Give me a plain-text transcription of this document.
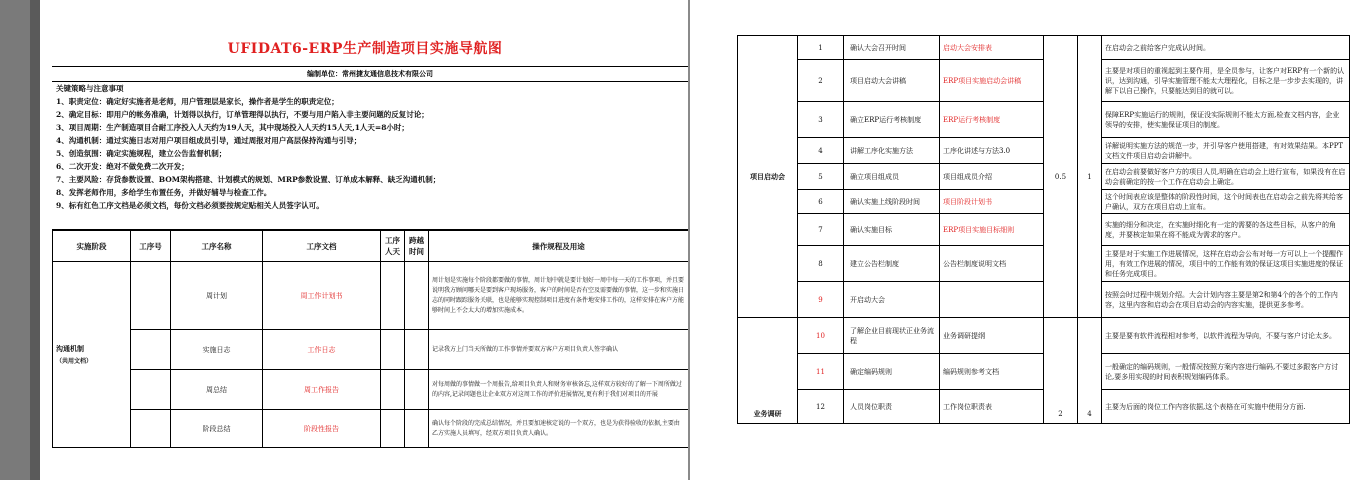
UFIDAT6-ERP生产制造项目实施导航图
编制单位：常州捷友通信息技术有限公司
关键策略与注意事项
1、职责定位：确定好实施者是老师，用户管理层是家长，操作者是学生的职责定位；
2、确定目标：即用户的帐务准确，计划得以执行，订单管理得以执行，不要与用户陷入非主要问题的反复讨论；
3、项目周期：生产制造项目合耐工序投入人天约为19人天，其中现场投入人天约15人天,1人天=8小时；
4、沟通机制：通过实施日志对用户项目组成员引导，通过周报对用户高层保持沟通与引导；
5、创造氛围：确定实施规程，建立公告监督机制；
6、二次开发：绝对不做免费二次开发；
7、主要风险：存货参数设置、BOM架构搭建、计划模式的规划、MRP参数设置、订单成本解释、缺乏沟通机制；
8、发挥老师作用，多给学生布置任务，并做好辅导与检查工作。
9、标有红色工序文档是必须文档，每份文档必须要按规定贴相关人员签字认可。
实施阶段	工序号	工序名称	工序文档	工序人天	跨越时间	操作规程及用途
沟通机制
（共用文档）		周计划	周工作计划书			周计划是实施每个阶段都要做的事情，周计划中就是要计划好一周中每一天的工作事项，并且要说明我方顾问哪天是要到客户现场服务，客户的时间是否有空及需要做的事情，这一步和实施日志的同时跟踪服务关联，也是能够实现控制项目进度有条件地安排工作的，这样安排在客户方能够时间上不会太大的增加实施成本。
		实施日志	工作日志			记录我方上门当天所做的工作事情并要双方客户方项目负责人签字确认
		周总结	周工作报告			对每周做的事情做一个周报告,给项目负责人和财务审核备忘,这样双方较好的了解一下周所做过的内容,记录问题也让企业双方对这周工作的评价进展情况,更有利于我们对项目的开展
		阶段总结	阶段性报告			确认每个阶段的完成总结情况，并且要加速核定说的一个双方，也是为获得验收的依据,主要由乙方实施人员填写，经双方项目负责人确认。
项目启动会	1	确认大会召开时间	启动大会安排表	0.5	1	在启动会之前给客户完成认时间。
	2	项目启动大会讲稿	ERP项目实施启动会讲稿			主要是对项目的重视起到主要作用，是全员参与，让客户对ERP有一个新的认识，达到沟通，引导实施管理不能太大理程化，目标之是一步步去实现的，讲解下以自己操作，只要能达到目的就可以。
	3	确立ERP运行考核制度	ERP运行考核制度			保障ERP实施运行的规则，保证没实际规则不能太方面,检查文档内容，企业领导的安排，使实施保证项目的制度。
	4	讲解工序化实施方法	工序化讲述与方法3.0			详解说明实施方法的规范一步，并引导客户使用搭建，有对效果结果。本PPT文档文件项目启动会讲解中。
	5	确立项目组成员	项目组成员介绍			在启动会前要做好客户方的项目人员,明确在启动会上进行宣布，如果没有在启动会前确定的按一个工作在启动会上确定。
	6	确认实施上线阶段时间	项目阶段计划书			这个时间表应该是整体的阶段性时间，这个时间表也在启动会之前先将其给客户确认，双方在项目启动上宣布。
	7	确认实施目标	ERP项目实施目标细则			实施的细分和决定，在实施时细化有一定的需要的各这些目标，从客户的角度，并要核定如果在将不能成为需求的客户。
	8	建立公告栏制度	公告栏制度说明文档			主要是对于实施工作进展情况，这样在启动会公布对每一方可以上一个提醒作用，有效工作进展的情况，项目中的工作能有效的保证这项目实施进度的保证和任务完成项目。
	9	开启动大会				按照会时过程中规划介绍。大会计划内容主要是第2和第4个的各个的工作内容，这里内容和启动会在项目启动会的内容实施，提供更多参考。
业务调研	10	了解企业目前现状正业务流程	业务调研提纲	2	4	主要是要有软件流程相对参考，以软件流程为导向，不要与客户讨论太多。
	11	确定编码规则	编码规则参考文档			一般确定的编码规则，一般情况按照方案内容进行编码,不要过多跟客户方讨论,要多用实现的时间表积规划编码体系。
	12	人员岗位职责	工作岗位职责表			主要为后面的岗位工作内容依据,这个表格在可实施中使用分方面.
